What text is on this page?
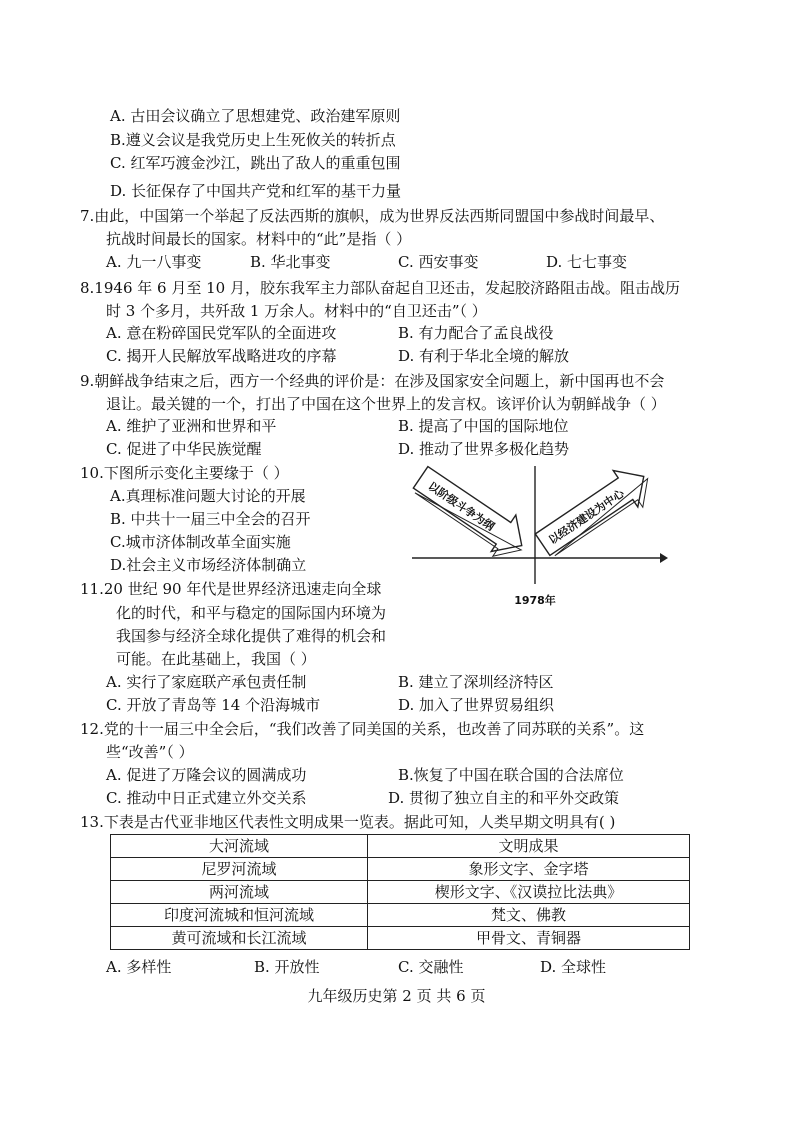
A. 古田会议确立了思想建党、政治建军原则
B.遵义会议是我党历史上生死攸关的转折点
C. 红军巧渡金沙江，跳出了敌人的重重包围
D. 长征保存了中国共产党和红军的基干力量
7.由此，中国第一个举起了反法西斯的旗帜，成为世界反法西斯同盟国中参战时间最早、
抗战时间最长的国家。材料中的“此”是指（ ）
A. 九一八事变	B. 华北事变	C. 西安事变	D. 七七事变
8.1946 年 6 月至 10 月，胶东我军主力部队奋起自卫还击，发起胶济路阻击战。阻击战历
时 3 个多月，共歼敌 1 万余人。材料中的“自卫还击”（ ）
A. 意在粉碎国民党军队的全面进攻	B. 有力配合了孟良战役
C. 揭开人民解放军战略进攻的序幕	D. 有利于华北全境的解放
9.朝鲜战争结束之后，西方一个经典的评价是：在涉及国家安全问题上，新中国再也不会
退让。最关键的一个，打出了中国在这个世界上的发言权。该评价认为朝鲜战争（ ）
A. 维护了亚洲和世界和平	B. 提高了中国的国际地位
C. 促进了中华民族觉醒	D. 推动了世界多极化趋势
10.下图所示变化主要缘于（ ）
A.真理标准问题大讨论的开展
B. 中共十一届三中全会的召开
C.城市济体制改革全面实施
D.社会主义市场经济体制确立
以阶级斗争为纲	以经济建设为中心
1978年
11.20 世纪 90 年代是世界经济迅速走向全球
化的时代，和平与稳定的国际国内环境为
我国参与经济全球化提供了难得的机会和
可能。在此基础上，我国（ ）
A. 实行了家庭联产承包责任制	B. 建立了深圳经济特区
C. 开放了青岛等 14 个沿海城市	D. 加入了世界贸易组织
12.党的十一届三中全会后，“我们改善了同美国的关系，也改善了同苏联的关系”。这
些“改善”（ ）
A. 促进了万隆会议的圆满成功	B.恢复了中国在联合国的合法席位
C. 推动中日正式建立外交关系	D. 贯彻了独立自主的和平外交政策
13.下表是古代亚非地区代表性文明成果一览表。据此可知，人类早期文明具有( )
大河流域	文明成果
尼罗河流域	象形文字、金字塔
两河流域	楔形文字、《汉谟拉比法典》
印度河流城和恒河流域	梵文、佛教
黄可流域和长江流域	甲骨文、青铜器
A. 多样性	B. 开放性	C. 交融性	D. 全球性
九年级历史第 2 页 共 6 页
